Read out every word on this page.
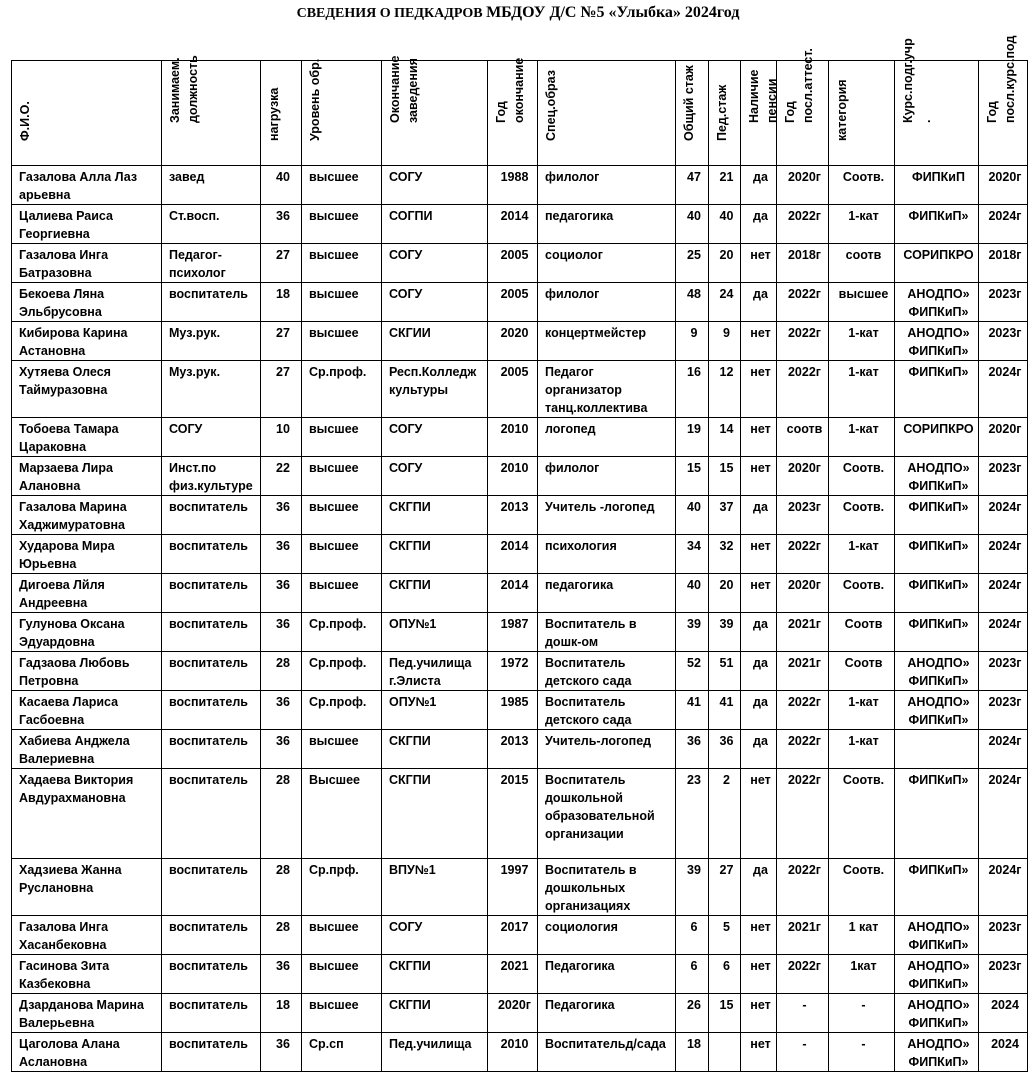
СВЕДЕНИЯ О ПЕДКАДРОВ МБДОУ Д/С №5 «Улыбка» 2024год
Ф.И.О.	Занимаем. должность	нагрузка	Уровень обр.	Окончание заведения	Год окончание	Спец.образ	Общий стаж	Пед.стаж	Наличие пенсии	Год посл.аттест.	категория	Курс.подг.учр .	Год посл.курс.под

Газалова Алла Лаз арьевна	завед	40	высшее	СОГУ	1988	филолог	47	21	да	2020г	Соотв.	ФИПКиП	2020г
Цалиева Раиса Георгиевна	Ст.восп.	36	высшее	СОГПИ	2014	педагогика	40	40	да	2022г	1-кат	ФИПКиП»	2024г
Газалова Инга Батразовна	Педагог-психолог	27	высшее	СОГУ	2005	социолог	25	20	нет	2018г	соотв	СОРИПКРО	2018г
Бекоева Ляна Эльбрусовна	воспитатель	18	высшее	СОГУ	2005	филолог	48	24	да	2022г	высшее	АНОДПО» ФИПКиП»	2023г
Кибирова Карина Астановна	Муз.рук.	27	высшее	СКГИИ	2020	концертмейстер	9	9	нет	2022г	1-кат	АНОДПО» ФИПКиП»	2023г
Хутяева Олеся Таймуразовна	Муз.рук.	27	Ср.проф.	Респ.Колледж культуры	2005	Педагог организатор танц.коллектива	16	12	нет	2022г	1-кат	ФИПКиП»	2024г
Тобоева Тамара Цараковна	СОГУ	10	высшее	СОГУ	2010	логопед	19	14	нет	соотв	1-кат	СОРИПКРО	2020г
Марзаева Лира Алановна	Инст.по физ.культуре	22	высшее	СОГУ	2010	филолог	15	15	нет	2020г	Соотв.	АНОДПО» ФИПКиП»	2023г
Газалова Марина Хаджимуратовна	воспитатель	36	высшее	СКГПИ	2013	Учитель -логопед	40	37	да	2023г	Соотв.	ФИПКиП»	2024г
Хударова Мира Юрьевна	воспитатель	36	высшее	СКГПИ	2014	психология	34	32	нет	2022г	1-кат	ФИПКиП»	2024г
Дигоева Лйля Андреевна	воспитатель	36	высшее	СКГПИ	2014	педагогика	40	20	нет	2020г	Соотв.	ФИПКиП»	2024г
Гулунова Оксана Эдуардовна	воспитатель	36	Ср.проф.	ОПУ№1	1987	Воспитатель в дошк-ом	39	39	да	2021г	Соотв	ФИПКиП»	2024г
Гадзаова Любовь Петровна	воспитатель	28	Ср.проф.	Пед.училища г.Элиста	1972	Воспитатель детского сада	52	51	да	2021г	Соотв	АНОДПО» ФИПКиП»	2023г
Касаева Лариса Гасбоевна	воспитатель	36	Ср.проф.	ОПУ№1	1985	Воспитатель детского сада	41	41	да	2022г	1-кат	АНОДПО» ФИПКиП»	2023г
Хабиева Анджела Валериевна	воспитатель	36	высшее	СКГПИ	2013	Учитель-логопед	36	36	да	2022г	1-кат		2024г
Хадаева Виктория Авдурахмановна	воспитатель	28	Высшее	СКГПИ	2015	Воспитатель дошкольной образовательной организации	23	2	нет	2022г	Соотв.	ФИПКиП»	2024г
Хадзиева Жанна Руслановна	воспитатель	28	Ср.прф.	ВПУ№1	1997	Воспитатель в дошкольных организациях	39	27	да	2022г	Соотв.	ФИПКиП»	2024г
Газалова Инга Хасанбековна	воспитатель	28	высшее	СОГУ	2017	социология	6	5	нет	2021г	1 кат	АНОДПО» ФИПКиП»	2023г
Гасинова Зита Казбековна	воспитатель	36	высшее	СКГПИ	2021	Педагогика	6	6	нет	2022г	1кат	АНОДПО» ФИПКиП»	2023г
Дзарданова Марина Валерьевна	воспитатель	18	высшее	СКГПИ	2020г	Педагогика	26	15	нет	-	-	АНОДПО» ФИПКиП»	2024
Цаголова Алана Аслановна	воспитатель	36	Ср.сп	Пед.училища	2010	Воспитательд/сада	18		нет	-	-	АНОДПО» ФИПКиП»	2024
